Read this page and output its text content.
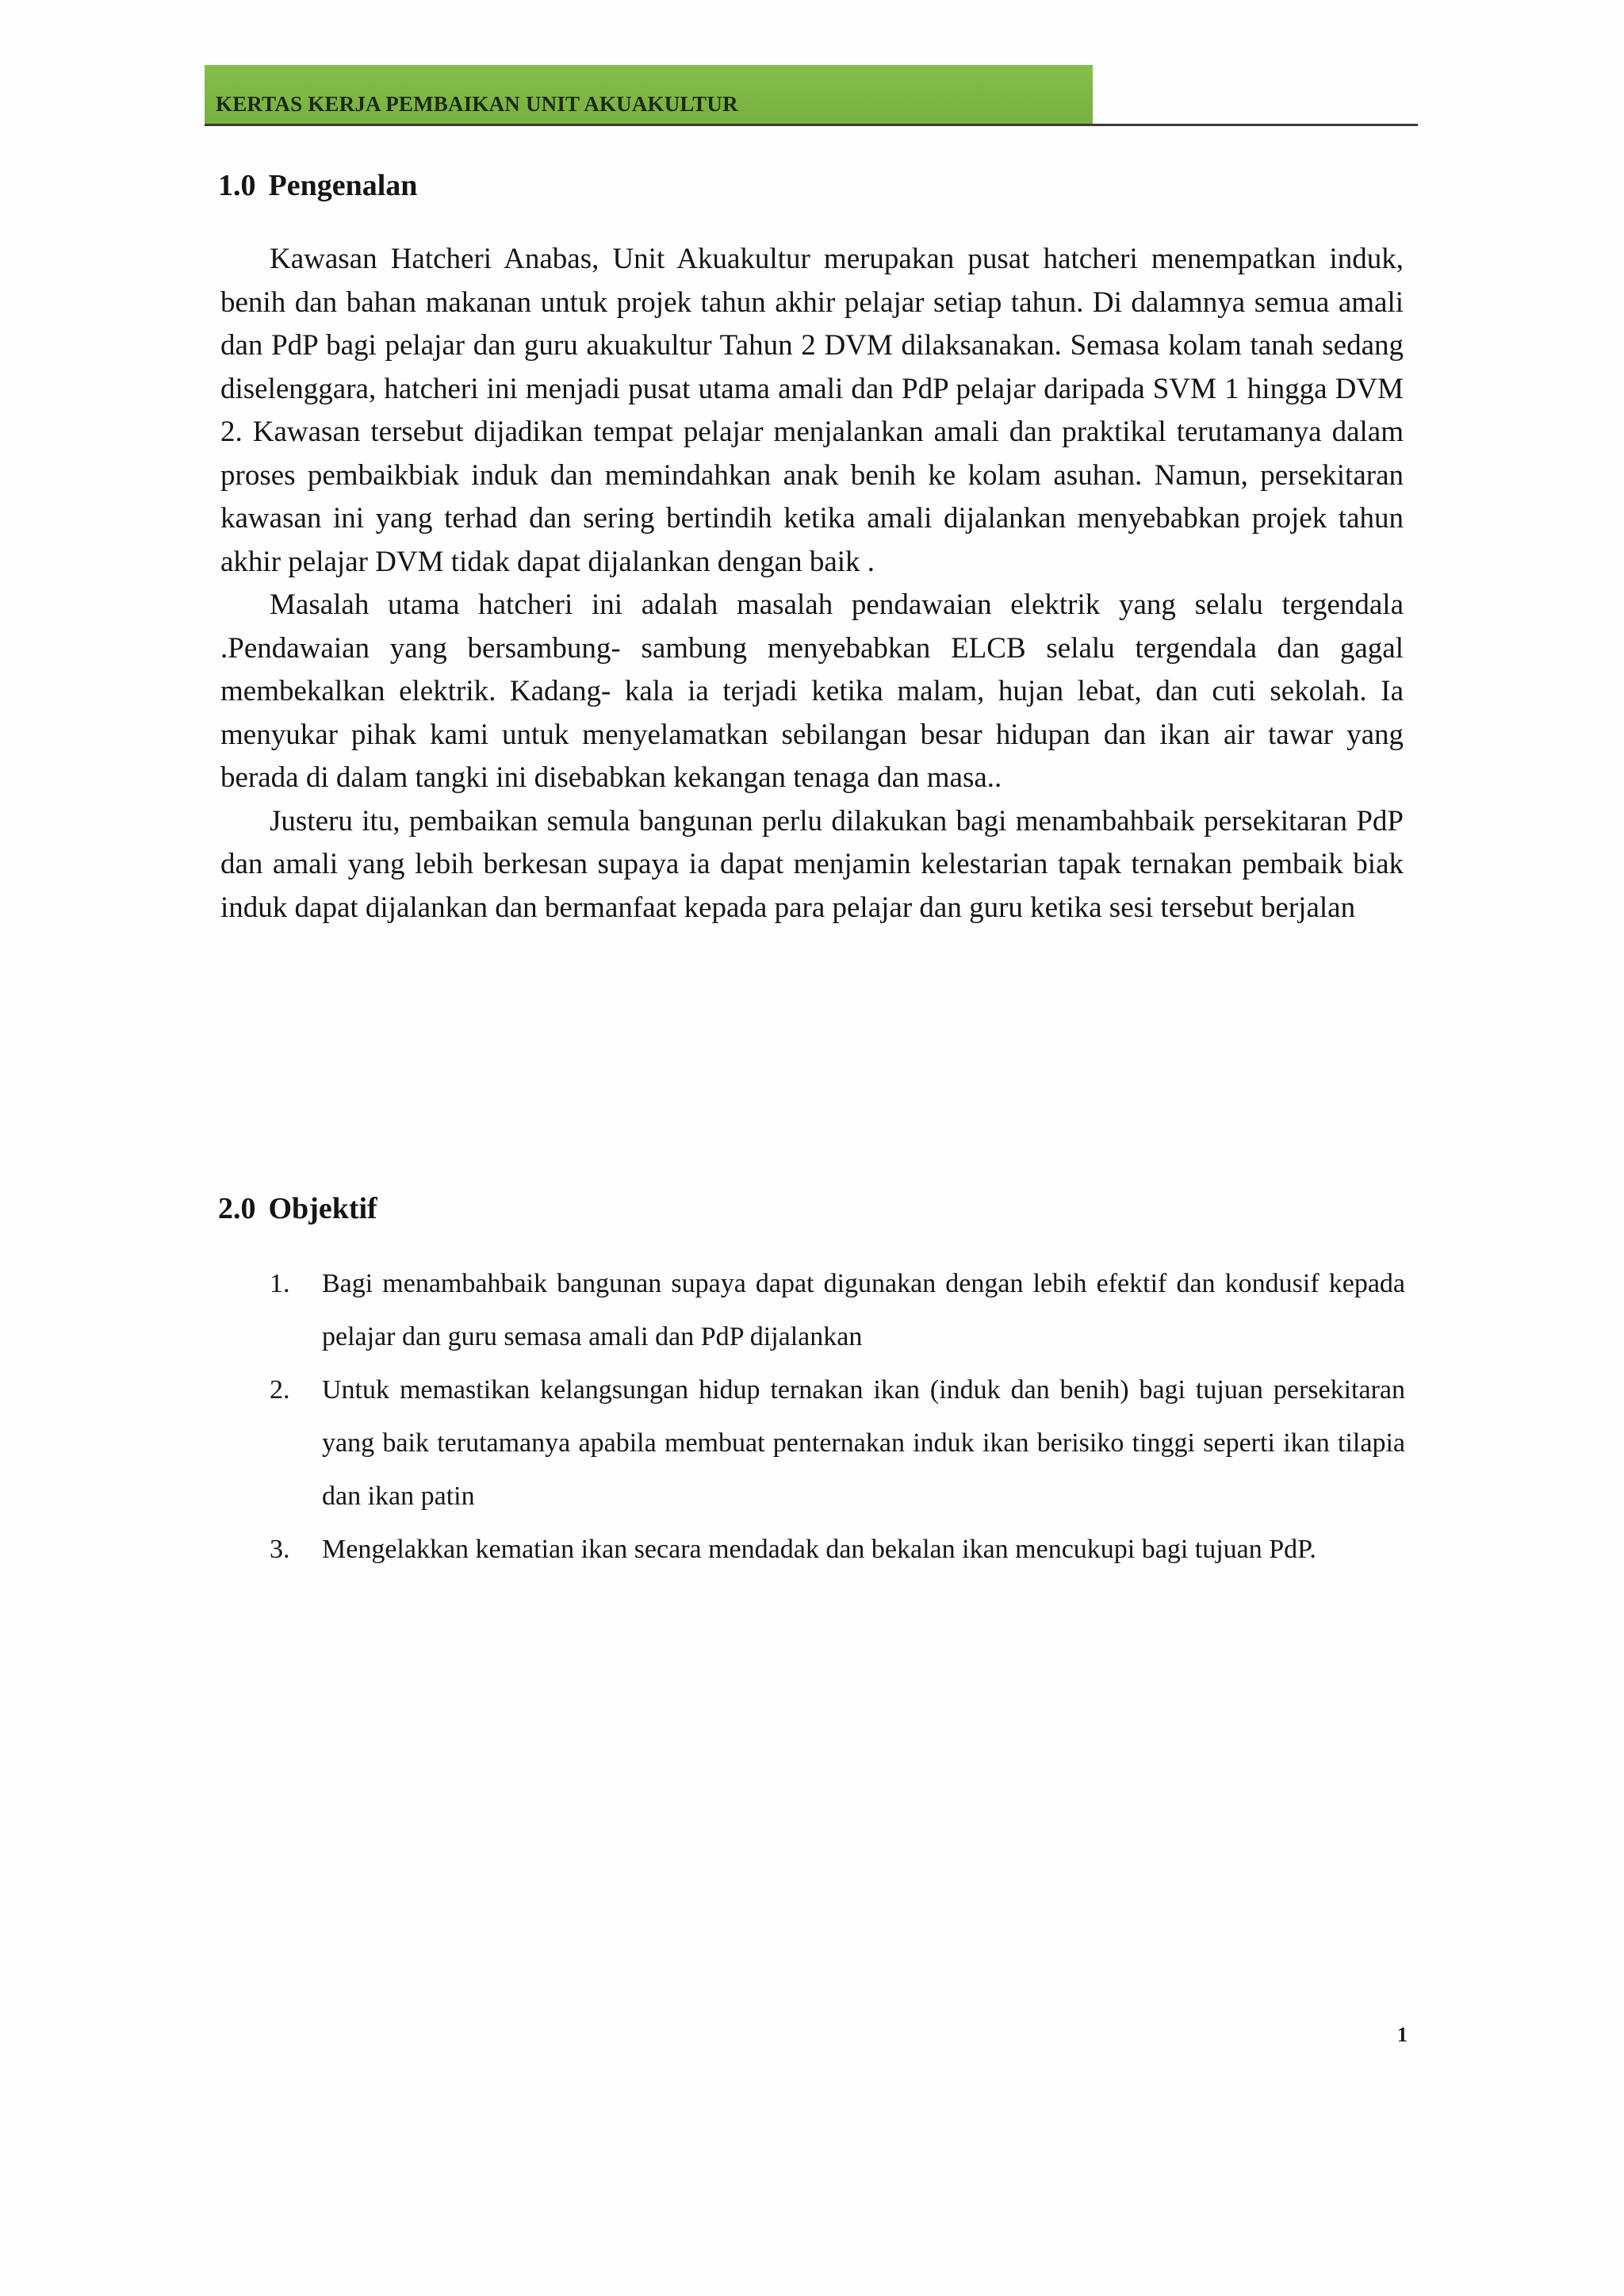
KERTAS KERJA PEMBAIKAN UNIT AKUAKULTUR
1.0 Pengenalan

Kawasan Hatcheri Anabas, Unit Akuakultur merupakan pusat hatcheri menempatkan induk, benih dan bahan makanan untuk projek tahun akhir pelajar setiap tahun. Di dalamnya semua amali dan PdP bagi pelajar dan guru akuakultur Tahun 2 DVM dilaksanakan. Semasa kolam tanah sedang diselenggara, hatcheri ini menjadi pusat utama amali dan PdP pelajar daripada SVM 1 hingga DVM 2. Kawasan tersebut dijadikan tempat pelajar menjalankan amali dan praktikal terutamanya dalam proses pembaikbiak induk dan memindahkan anak benih ke kolam asuhan. Namun, persekitaran kawasan ini yang terhad dan sering bertindih ketika amali dijalankan menyebabkan projek tahun akhir pelajar DVM tidak dapat dijalankan dengan baik .

Masalah utama hatcheri ini adalah masalah pendawaian elektrik yang selalu tergendala .Pendawaian yang bersambung- sambung menyebabkan ELCB selalu tergendala dan gagal membekalkan elektrik. Kadang- kala ia terjadi ketika malam, hujan lebat, dan cuti sekolah. Ia menyukar pihak kami untuk menyelamatkan sebilangan besar hidupan dan ikan air tawar yang berada di dalam tangki ini disebabkan kekangan tenaga dan masa..

Justeru itu, pembaikan semula bangunan perlu dilakukan bagi menambahbaik persekitaran PdP dan amali yang lebih berkesan supaya ia dapat menjamin kelestarian tapak ternakan pembaik biak induk dapat dijalankan dan bermanfaat kepada para pelajar dan guru ketika sesi tersebut berjalan

2.0 Objektif
1. Bagi menambahbaik bangunan supaya dapat digunakan dengan lebih efektif dan kondusif kepada pelajar dan guru semasa amali dan PdP dijalankan
2. Untuk memastikan kelangsungan hidup ternakan ikan (induk dan benih) bagi tujuan persekitaran yang baik terutamanya apabila membuat penternakan induk ikan berisiko tinggi seperti ikan tilapia dan ikan patin
3. Mengelakkan kematian ikan secara mendadak dan bekalan ikan mencukupi bagi tujuan PdP.
1
